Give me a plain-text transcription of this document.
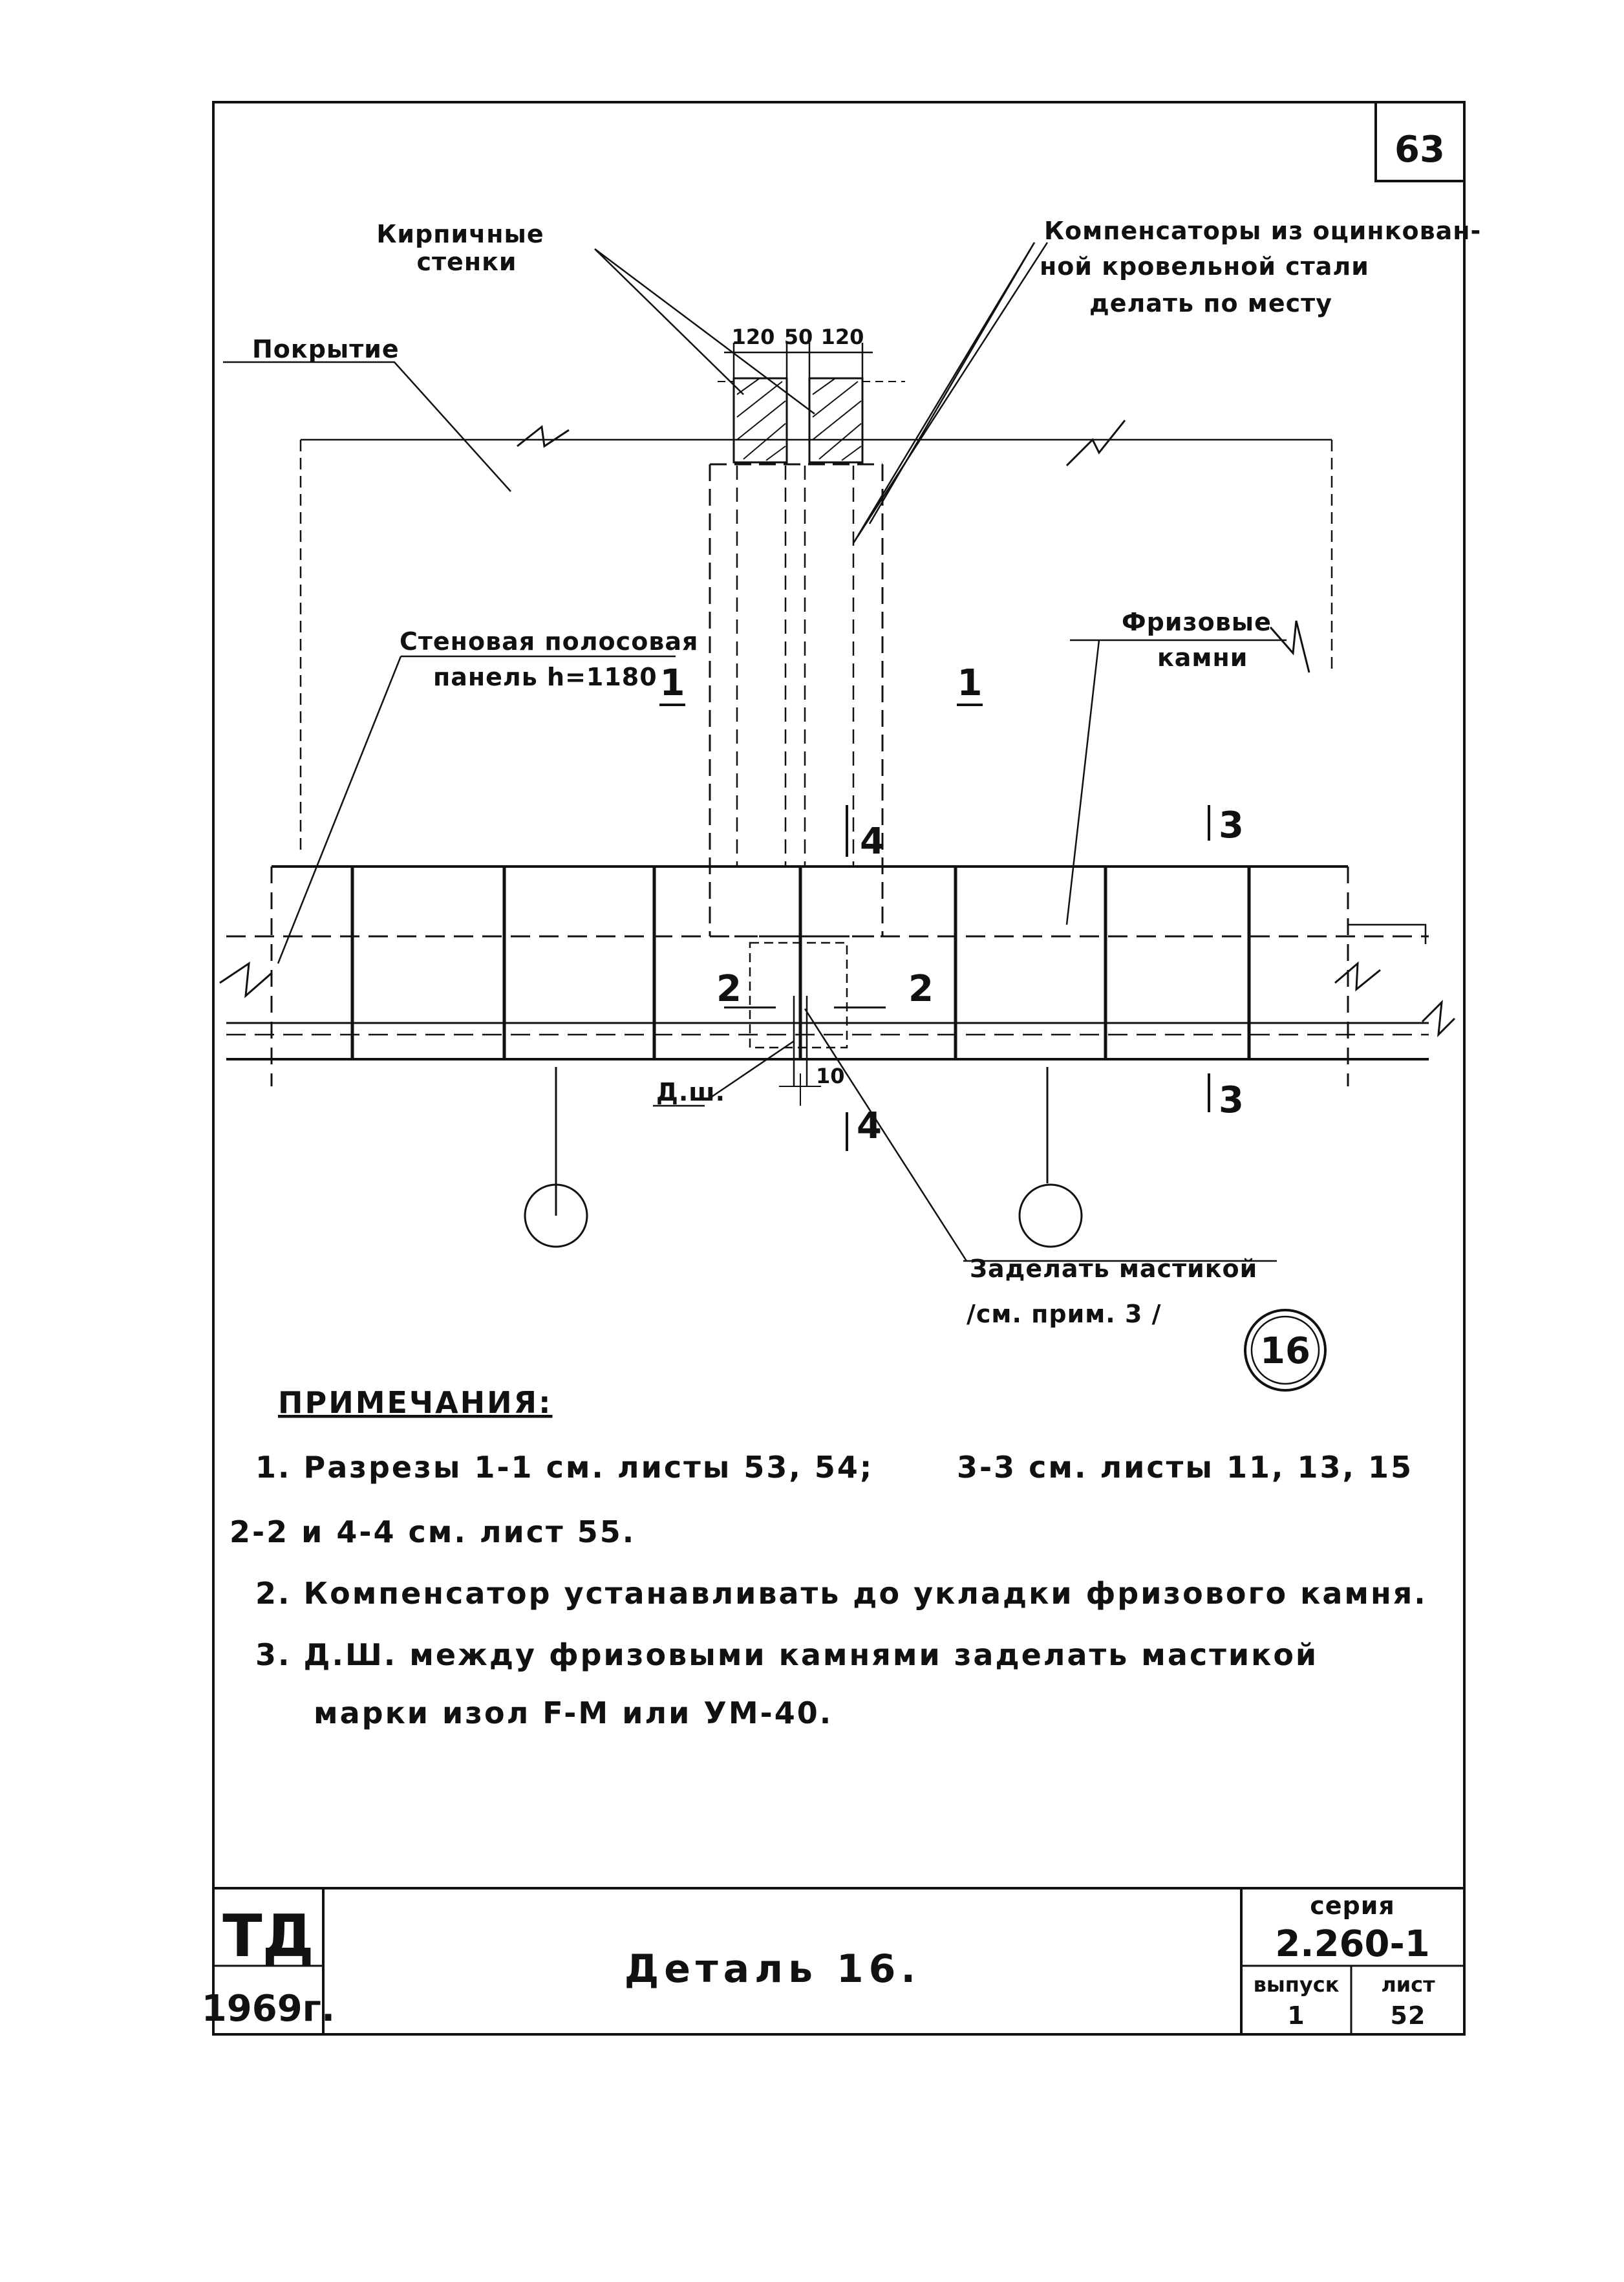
63
Кирпичные
стенки
Компенсаторы из оцинкован-
ной кровельной стали
делать по месту
Покрытие
Стеновая полосовая
панель h=1180
Фризовые
камни
120 50 120
1	1
4
4
3
3
2	2
Д.ш.
10
Заделать мастикой
/см. прим. 3 /
16
ПРИМЕЧАНИЯ:
1. Разрезы 1-1 см. листы 53, 54;	3-3 см. листы 11, 13, 15
2-2 и 4-4 см. лист 55.
2. Компенсатор устанавливать до укладки фризового камня.
3. Д.Ш. между фризовыми камнями заделать мастикой
марки изол F-M или УМ-40.
ТД
1969г.
Деталь 16.
серия
2.260-1
выпуск
1
лист
52
